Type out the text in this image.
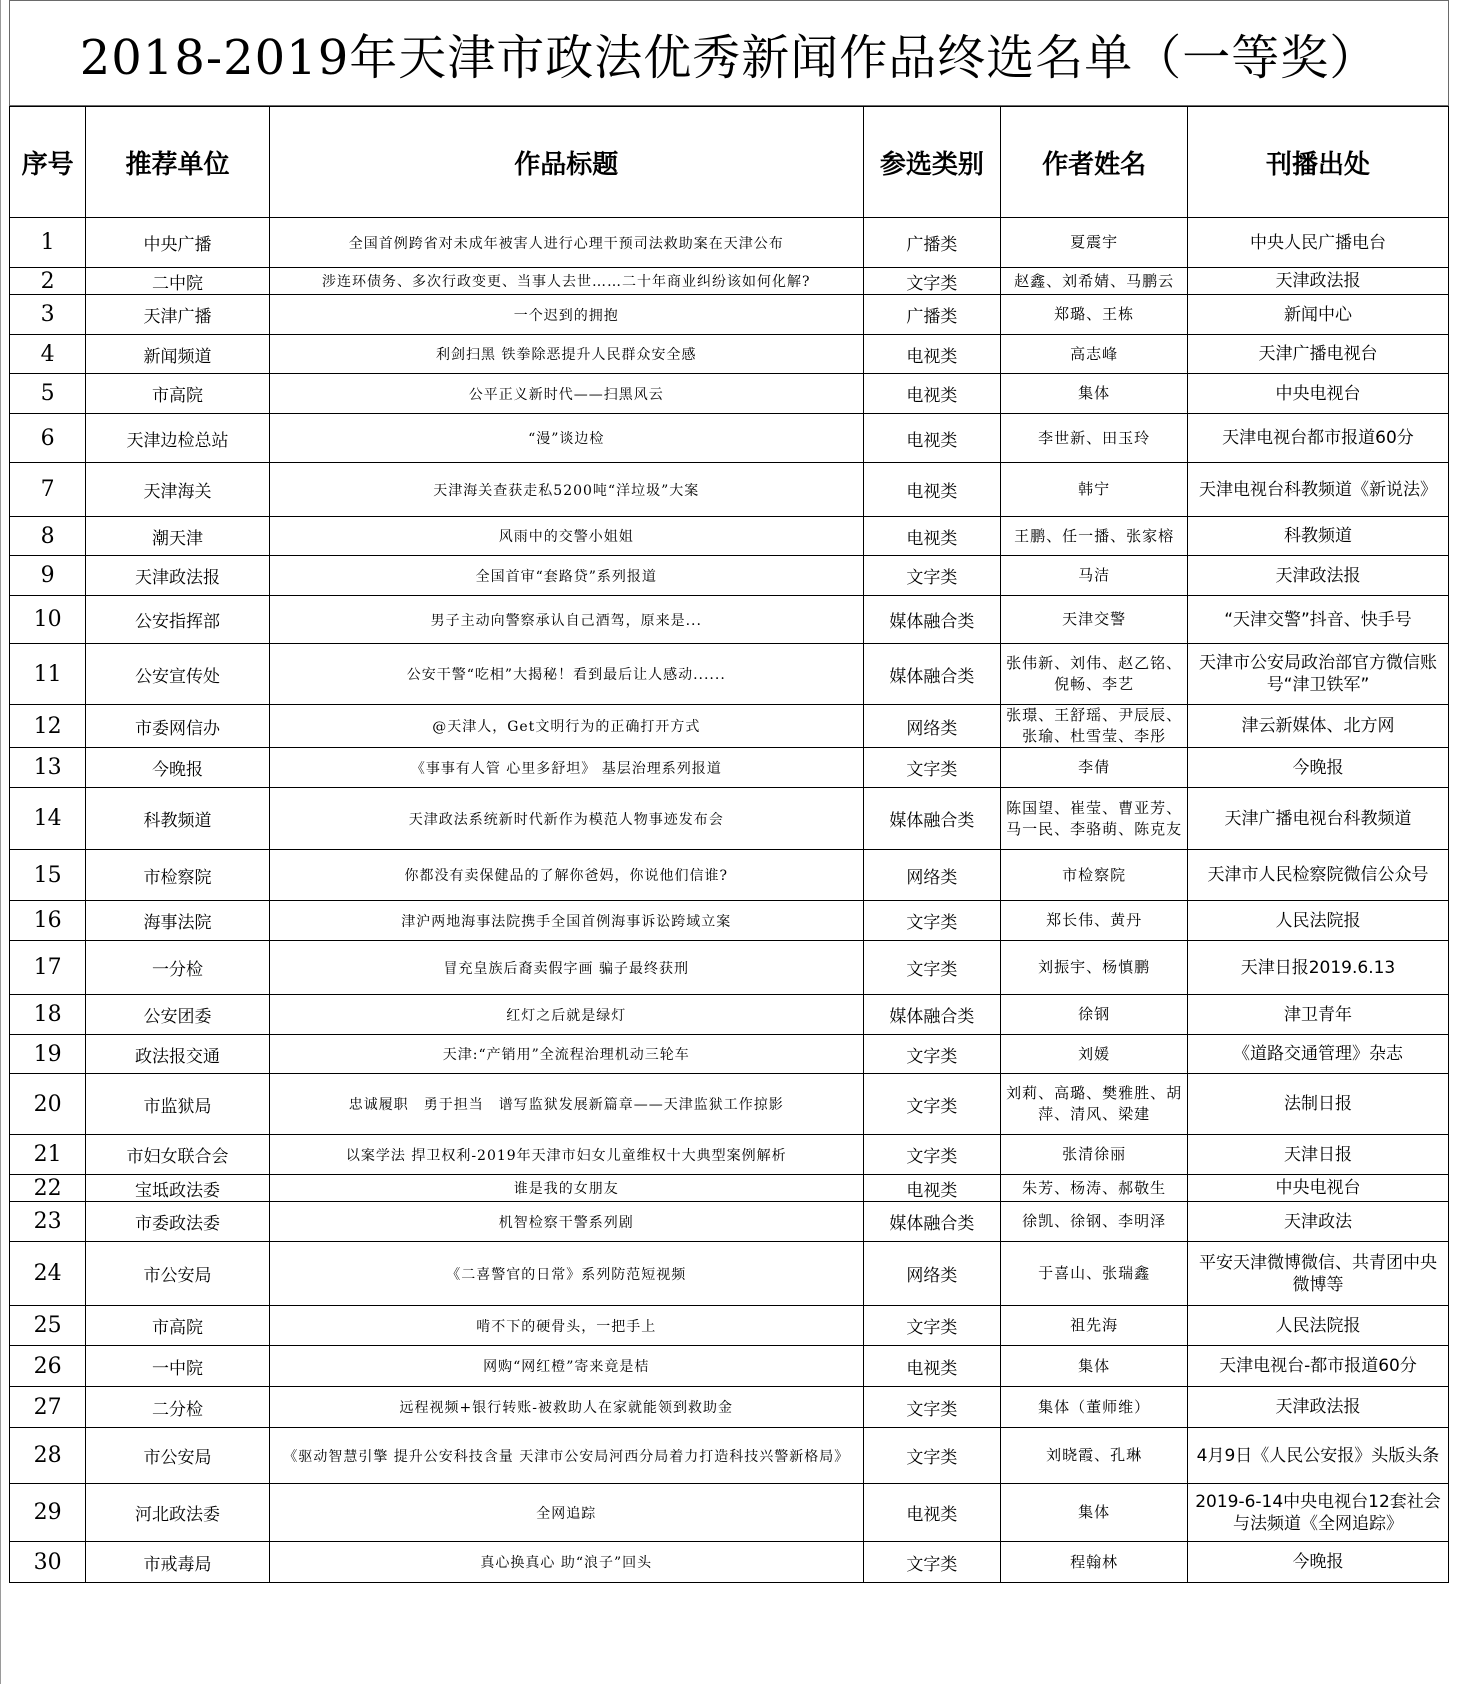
2018-2019年天津市政法优秀新闻作品终选名单（一等奖）
序号	推荐单位	作品标题	参选类别	作者姓名	刊播出处
1	中央广播	全国首例跨省对未成年被害人进行心理干预司法救助案在天津公布	广播类	夏震宇	中央人民广播电台
2	二中院	涉连环债务、多次行政变更、当事人去世……二十年商业纠纷该如何化解?	文字类	赵鑫、刘希婧、马鹏云	天津政法报
3	天津广播	一个迟到的拥抱	广播类	郑璐、王栋	新闻中心
4	新闻频道	利剑扫黑 铁拳除恶提升人民群众安全感	电视类	高志峰	天津广播电视台
5	市高院	公平正义新时代——扫黑风云	电视类	集体	中央电视台
6	天津边检总站	“漫”谈边检	电视类	李世新、田玉玲	天津电视台都市报道60分
7	天津海关	天津海关查获走私5200吨“洋垃圾”大案	电视类	韩宁	天津电视台科教频道《新说法》
8	潮天津	风雨中的交警小姐姐	电视类	王鹏、任一播、张家榕	科教频道
9	天津政法报	全国首审“套路贷”系列报道	文字类	马洁	天津政法报
10	公安指挥部	男子主动向警察承认自己酒驾，原来是...	媒体融合类	天津交警	“天津交警”抖音、快手号
11	公安宣传处	公安干警“吃相”大揭秘！看到最后让人感动......	媒体融合类	张伟新、刘伟、赵乙铭、倪畅、李艺	天津市公安局政治部官方微信账号“津卫铁军”
12	市委网信办	@天津人，Get文明行为的正确打开方式	网络类	张璟、王舒瑶、尹辰辰、张瑜、杜雪莹、李彤	津云新媒体、北方网
13	今晚报	《事事有人管 心里多舒坦》 基层治理系列报道	文字类	李倩	今晚报
14	科教频道	天津政法系统新时代新作为模范人物事迹发布会	媒体融合类	陈国望、崔莹、曹亚芳、马一民、李骆萌、陈克友	天津广播电视台科教频道
15	市检察院	你都没有卖保健品的了解你爸妈，你说他们信谁?	网络类	市检察院	天津市人民检察院微信公众号
16	海事法院	津沪两地海事法院携手全国首例海事诉讼跨域立案	文字类	郑长伟、黄丹	人民法院报
17	一分检	冒充皇族后裔卖假字画 骗子最终获刑	文字类	刘振宇、杨慎鹏	天津日报2019.6.13
18	公安团委	红灯之后就是绿灯	媒体融合类	徐钢	津卫青年
19	政法报交通	天津:“产销用”全流程治理机动三轮车	文字类	刘媛	《道路交通管理》杂志
20	市监狱局	忠诚履职　勇于担当　谱写监狱发展新篇章——天津监狱工作掠影	文字类	刘莉、高璐、樊雅胜、胡萍、清风、梁建	法制日报
21	市妇女联合会	以案学法 捍卫权利-2019年天津市妇女儿童维权十大典型案例解析	文字类	张清徐丽	天津日报
22	宝坻政法委	谁是我的女朋友	电视类	朱芳、杨涛、郝敬生	中央电视台
23	市委政法委	机智检察干警系列剧	媒体融合类	徐凯、徐钢、李明泽	天津政法
24	市公安局	《二喜警官的日常》系列防范短视频	网络类	于喜山、张瑞鑫	平安天津微博微信、共青团中央微博等
25	市高院	啃不下的硬骨头，一把手上	文字类	祖先海	人民法院报
26	一中院	网购“网红橙”寄来竟是桔	电视类	集体	天津电视台-都市报道60分
27	二分检	远程视频+银行转账-被救助人在家就能领到救助金	文字类	集体（董师维）	天津政法报
28	市公安局	《驱动智慧引擎 提升公安科技含量 天津市公安局河西分局着力打造科技兴警新格局》	文字类	刘晓霞、孔琳	4月9日《人民公安报》头版头条
29	河北政法委	全网追踪	电视类	集体	2019-6-14中央电视台12套社会与法频道《全网追踪》
30	市戒毒局	真心换真心 助“浪子”回头	文字类	程翰林	今晚报
